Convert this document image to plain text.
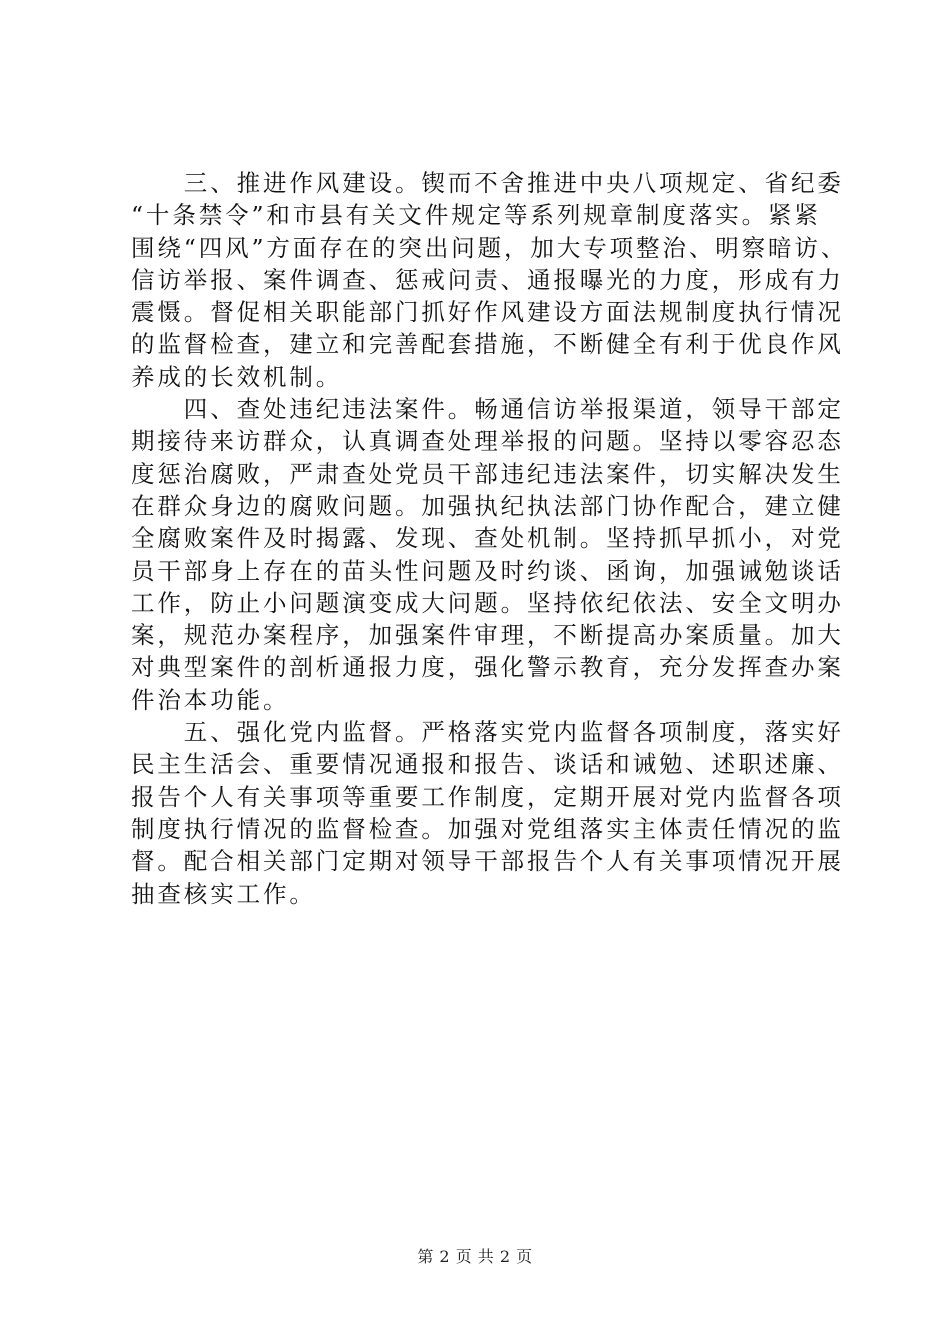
　　三、推进作风建设。锲而不舍推进中央八项规定、省纪委
“十条禁令”和市县有关文件规定等系列规章制度落实。紧紧
围绕“四风”方面存在的突出问题，加大专项整治、明察暗访、
信访举报、案件调查、惩戒问责、通报曝光的力度，形成有力
震慑。督促相关职能部门抓好作风建设方面法规制度执行情况
的监督检查，建立和完善配套措施，不断健全有利于优良作风
养成的长效机制。
　　四、查处违纪违法案件。畅通信访举报渠道，领导干部定
期接待来访群众，认真调查处理举报的问题。坚持以零容忍态
度惩治腐败，严肃查处党员干部违纪违法案件，切实解决发生
在群众身边的腐败问题。加强执纪执法部门协作配合，建立健
全腐败案件及时揭露、发现、查处机制。坚持抓早抓小，对党
员干部身上存在的苗头性问题及时约谈、函询，加强诫勉谈话
工作，防止小问题演变成大问题。坚持依纪依法、安全文明办
案，规范办案程序，加强案件审理，不断提高办案质量。加大
对典型案件的剖析通报力度，强化警示教育，充分发挥查办案
件治本功能。
　　五、强化党内监督。严格落实党内监督各项制度，落实好
民主生活会、重要情况通报和报告、谈话和诫勉、述职述廉、
报告个人有关事项等重要工作制度，定期开展对党内监督各项
制度执行情况的监督检查。加强对党组落实主体责任情况的监
督。配合相关部门定期对领导干部报告个人有关事项情况开展
抽查核实工作。
第 2 页 共 2 页
